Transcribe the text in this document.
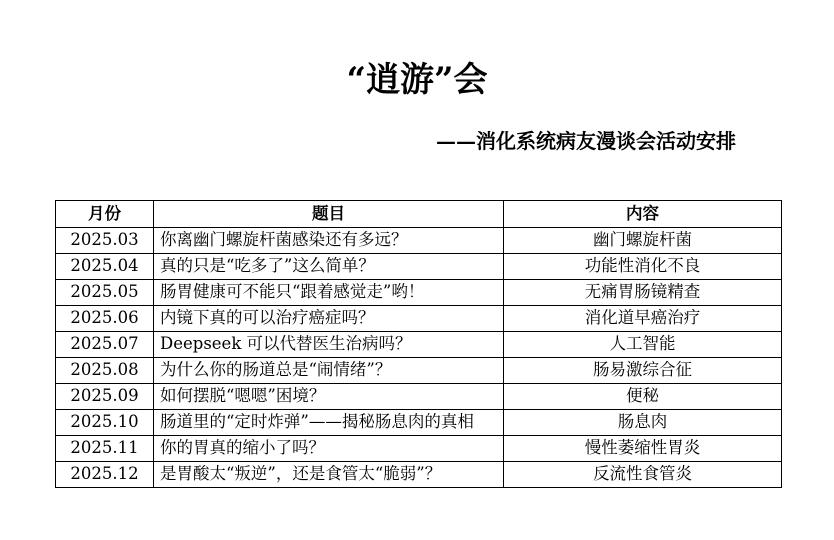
“逍游”会
——消化系统病友漫谈会活动安排
月份	题目	内容
2025.03	你离幽门螺旋杆菌感染还有多远？	幽门螺旋杆菌
2025.04	真的只是“吃多了”这么简单？	功能性消化不良
2025.05	肠胃健康可不能只“跟着感觉走”哟！	无痛胃肠镜精查
2025.06	内镜下真的可以治疗癌症吗？	消化道早癌治疗
2025.07	Deepseek 可以代替医生治病吗？	人工智能
2025.08	为什么你的肠道总是“闹情绪”？	肠易激综合征
2025.09	如何摆脱“嗯嗯”困境？	便秘
2025.10	肠道里的“定时炸弹”——揭秘肠息肉的真相	肠息肉
2025.11	你的胃真的缩小了吗？	慢性萎缩性胃炎
2025.12	是胃酸太“叛逆”，还是食管太“脆弱”？	反流性食管炎
